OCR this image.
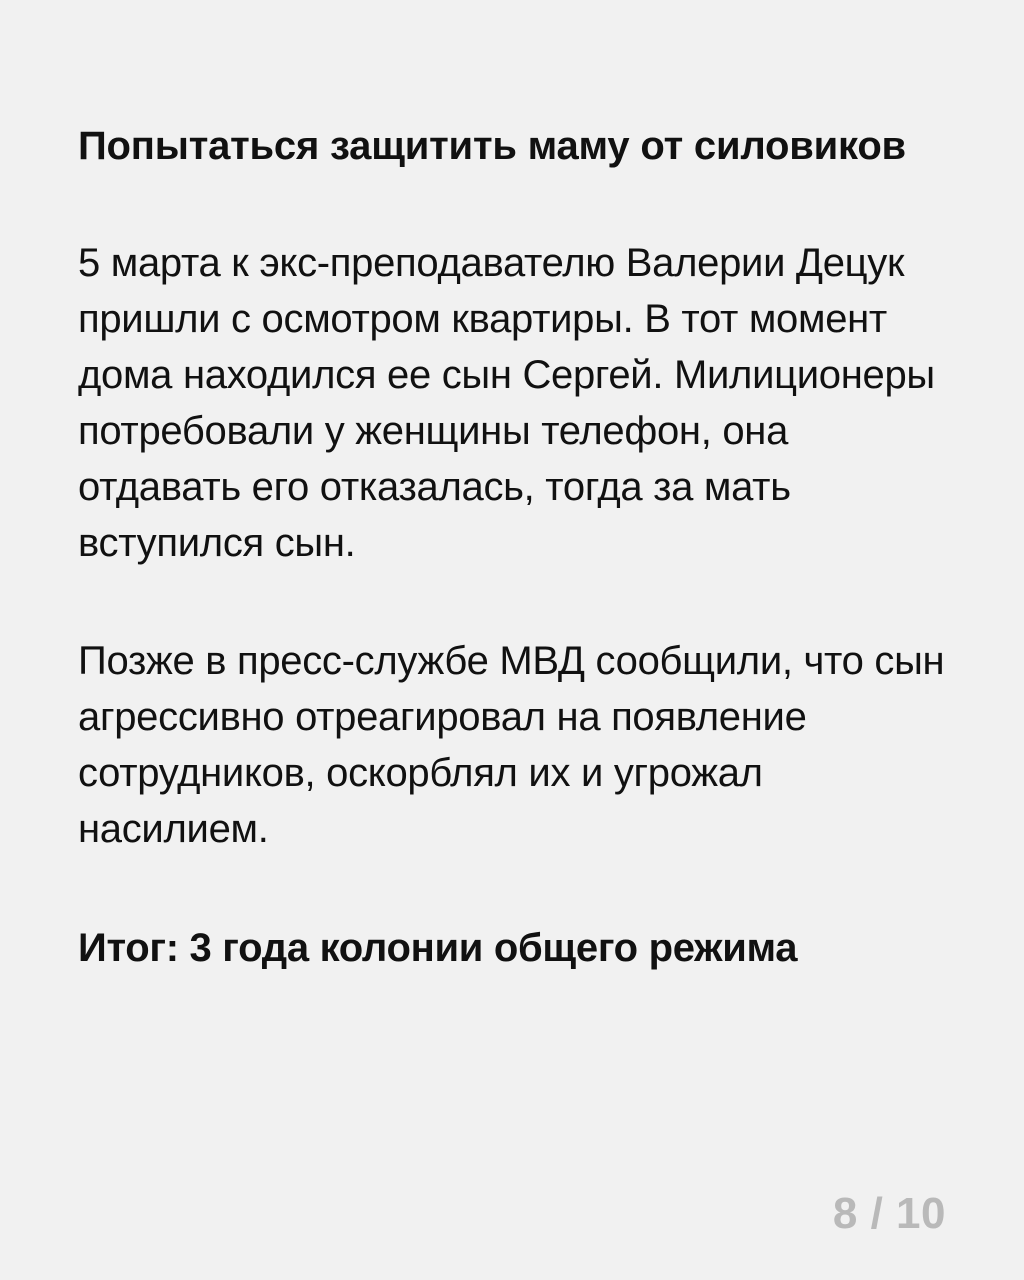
Попытаться защитить маму от силовиков

5 марта к экс-преподавателю Валерии Децук пришли с осмотром квартиры. В тот момент дома находился ее сын Сергей. Милиционеры потребовали у женщины телефон, она отдавать его отказалась, тогда за мать вступился сын.

Позже в пресс-службе МВД сообщили, что сын агрессивно отреагировал на появление сотрудников, оскорблял их и угрожал насилием.

Итог: 3 года колонии общего режима

8 / 10
